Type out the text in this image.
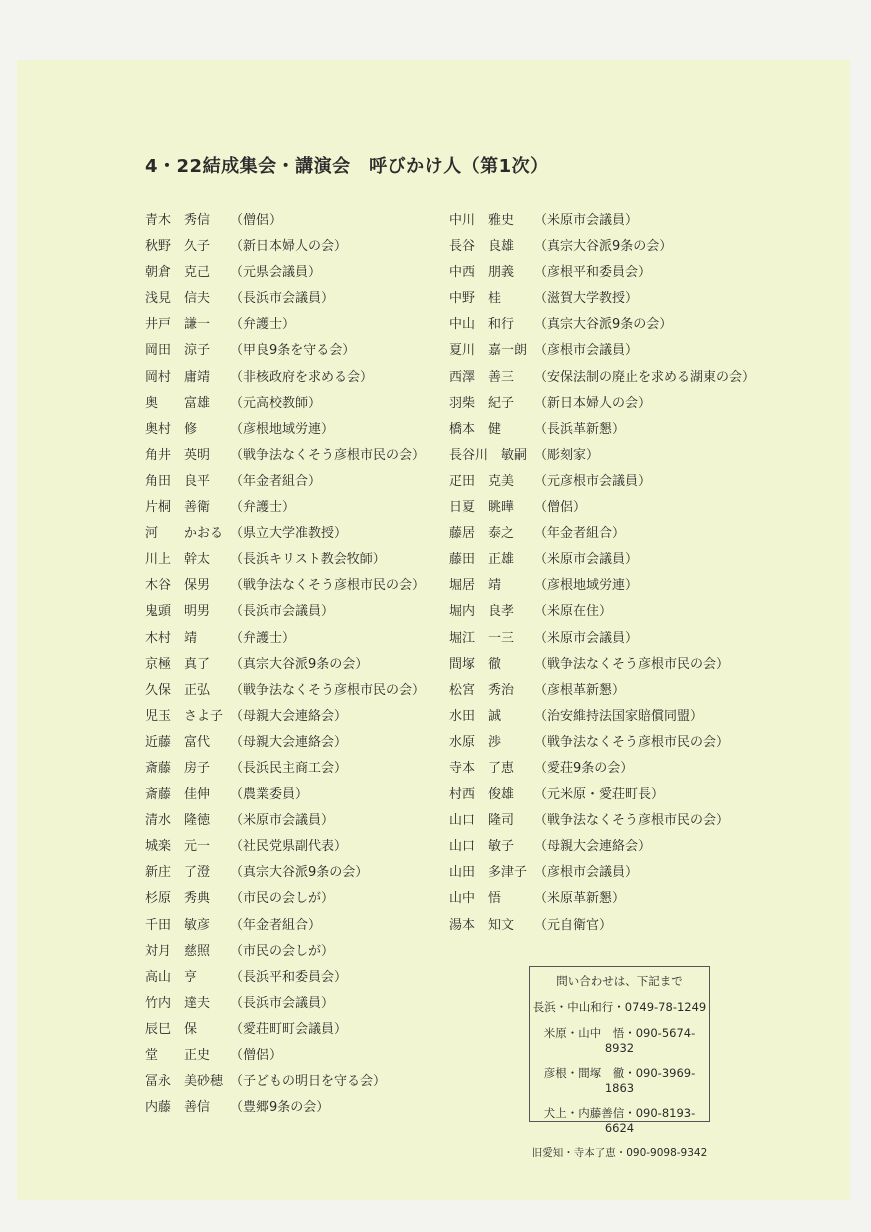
4・22結成集会・講演会　呼びかけ人（第1次）
青木　秀信 （僧侶）
秋野　久子 （新日本婦人の会）
朝倉　克己 （元県会議員）
浅見　信夫 （長浜市会議員）
井戸　謙一 （弁護士）
岡田　涼子 （甲良9条を守る会）
岡村　庸靖 （非核政府を求める会）
奥　　富雄 （元高校教師）
奥村　修	（彦根地域労連）
角井　英明 （戦争法なくそう彦根市民の会）
角田　良平 （年金者組合）
片桐　善衛 （弁護士）
河　　かおる （県立大学准教授）
川上　幹太 （長浜キリスト教会牧師）
木谷　保男 （戦争法なくそう彦根市民の会）
鬼頭　明男 （長浜市会議員）
木村　靖	（弁護士）
京極　真了 （真宗大谷派9条の会）
久保　正弘 （戦争法なくそう彦根市民の会）
児玉　さよ子 （母親大会連絡会）
近藤　富代 （母親大会連絡会）
斎藤　房子 （長浜民主商工会）
斎藤　佳伸 （農業委員）
清水　隆徳 （米原市会議員）
城楽　元一 （社民党県副代表）
新庄　了澄 （真宗大谷派9条の会）
杉原　秀典 （市民の会しが）
千田　敏彦 （年金者組合）
対月　慈照 （市民の会しが）
高山　亨	（長浜平和委員会）
竹内　達夫 （長浜市会議員）
辰巳　保	（愛荘町町会議員）
堂　　正史 （僧侶）
冨永　美砂穂 （子どもの明日を守る会）
内藤　善信 （豊郷9条の会）
中川　雅史 （米原市会議員）
長谷　良雄 （真宗大谷派9条の会）
中西　朋義 （彦根平和委員会）
中野　桂	（滋賀大学教授）
中山　和行 （真宗大谷派9条の会）
夏川　嘉一朗 （彦根市会議員）
西澤　善三 （安保法制の廃止を求める湖東の会）
羽柴　紀子 （新日本婦人の会）
橋本　健	（長浜革新懇）
長谷川　敏嗣 （彫刻家）
疋田　克美 （元彦根市会議員）
日夏　眺曄 （僧侶）
藤居　泰之 （年金者組合）
藤田　正雄 （米原市会議員）
堀居　靖	（彦根地域労連）
堀内　良孝 （米原在住）
堀江　一三 （米原市会議員）
間塚　徹	（戦争法なくそう彦根市民の会）
松宮　秀治 （彦根革新懇）
水田　誠	（治安維持法国家賠償同盟）
水原　渉	（戦争法なくそう彦根市民の会）
寺本　了恵 （愛荘9条の会）
村西　俊雄 （元米原・愛荘町長）
山口　隆司 （戦争法なくそう彦根市民の会）
山口　敏子 （母親大会連絡会）
山田　多津子 （彦根市会議員）
山中　悟	（米原革新懇）
湯本　知文 （元自衛官）
問い合わせは、下記まで
長浜・中山和行・0749-78-1249
米原・山中　悟・090-5674-8932
彦根・間塚　徹・090-3969-1863
犬上・内藤善信・090-8193-6624
旧愛知・寺本了恵・090-9098-9342
